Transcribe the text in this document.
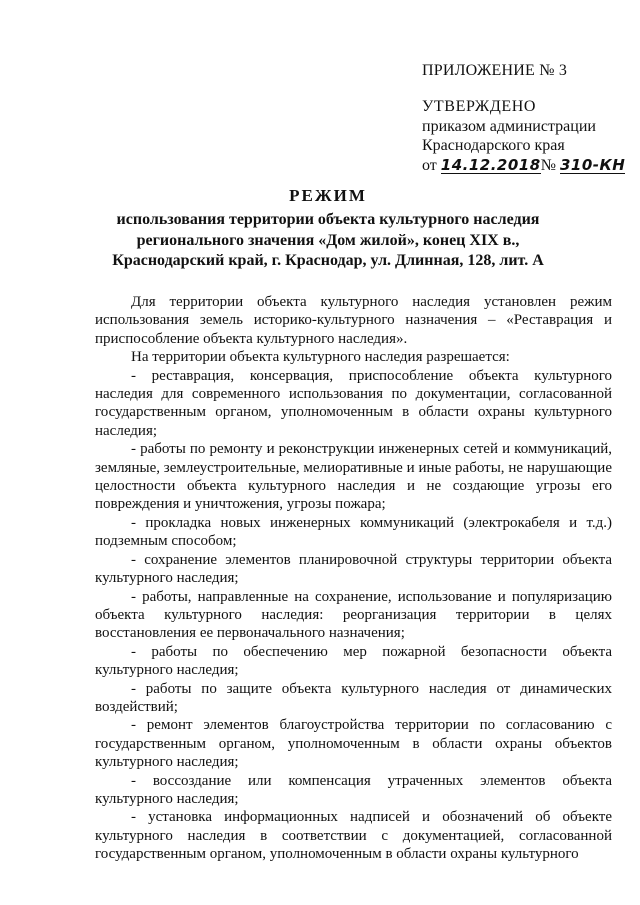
ПРИЛОЖЕНИЕ № 3
УТВЕРЖДЕНО
приказом администрации
Краснодарского края
от 14.12.2018№ 310-КН
РЕЖИМ
использования территории объекта культурного наследия регионального значения «Дом жилой», конец XIX в., Краснодарский край, г. Краснодар, ул. Длинная, 128, лит. А

Для территории объекта культурного наследия установлен режим использования земель историко-культурного назначения – «Реставрация и приспособление объекта культурного наследия».

На территории объекта культурного наследия разрешается:

- реставрация, консервация, приспособление объекта культурного наследия для современного использования по документации, согласованной государственным органом, уполномоченным в области охраны культурного наследия;

- работы по ремонту и реконструкции инженерных сетей и коммуникаций, земляные, землеустроительные, мелиоративные и иные работы, не нарушающие целостности объекта культурного наследия и не создающие угрозы его повреждения и уничтожения, угрозы пожара;

- прокладка новых инженерных коммуникаций (электрокабеля и т.д.) подземным способом;

- сохранение элементов планировочной структуры территории объекта культурного наследия;

- работы, направленные на сохранение, использование и популяризацию объекта культурного наследия: реорганизация территории в целях восстановления ее первоначального назначения;

- работы по обеспечению мер пожарной безопасности объекта культурного наследия;

- работы по защите объекта культурного наследия от динамических воздействий;

- ремонт элементов благоустройства территории по согласованию с государственным органом, уполномоченным в области охраны объектов культурного наследия;

- воссоздание или компенсация утраченных элементов объекта культурного наследия;

- установка информационных надписей и обозначений об объекте культурного наследия в соответствии с документацией, согласованной государственным органом, уполномоченным в области охраны культурного
